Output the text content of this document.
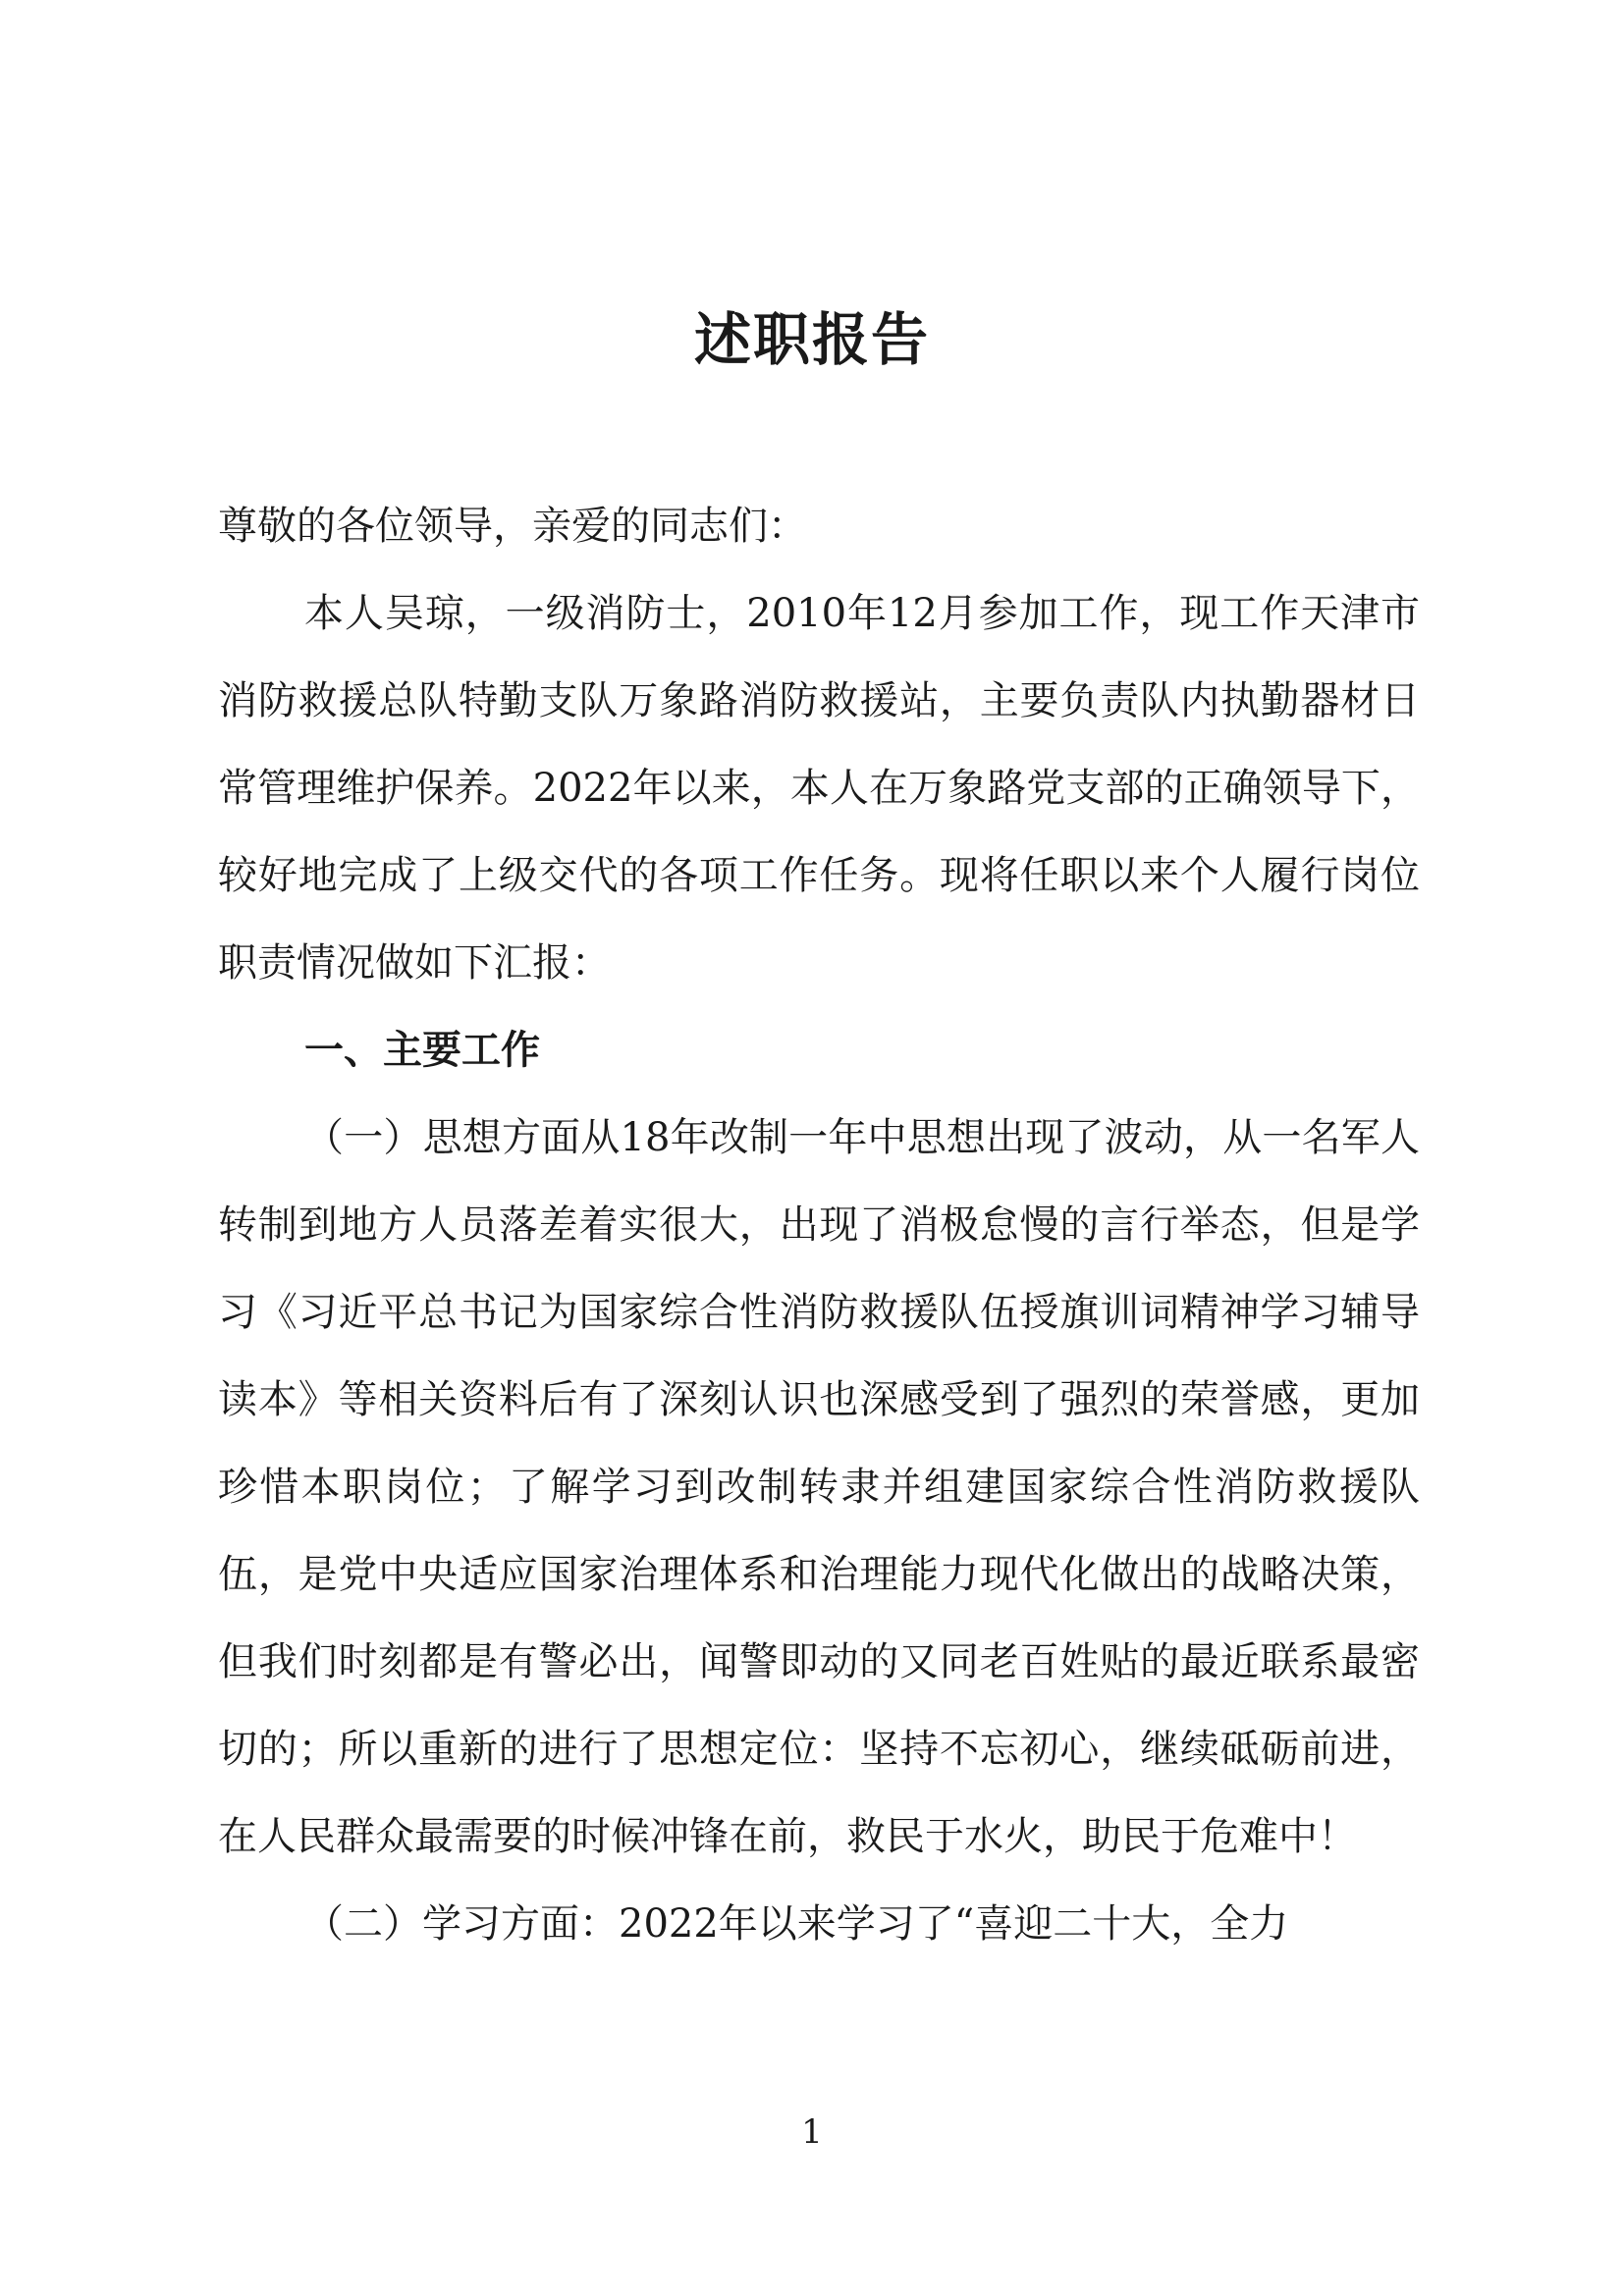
述职报告

尊敬的各位领导，亲爱的同志们：

本人吴琼，一级消防士，2010年12月参加工作，现工作天津市消防救援总队特勤支队万象路消防救援站，主要负责队内执勤器材日常管理维护保养。2022年以来，本人在万象路党支部的正确领导下，较好地完成了上级交代的各项工作任务。现将任职以来个人履行岗位职责情况做如下汇报：

一、主要工作

（一）思想方面从18年改制一年中思想出现了波动，从一名军人转制到地方人员落差着实很大，出现了消极怠慢的言行举态，但是学习《习近平总书记为国家综合性消防救援队伍授旗训词精神学习辅导读本》等相关资料后有了深刻认识也深感受到了强烈的荣誉感，更加珍惜本职岗位；了解学习到改制转隶并组建国家综合性消防救援队伍，是党中央适应国家治理体系和治理能力现代化做出的战略决策，但我们时刻都是有警必出，闻警即动的又同老百姓贴的最近联系最密切的；所以重新的进行了思想定位：坚持不忘初心，继续砥砺前进，在人民群众最需要的时候冲锋在前，救民于水火，助民于危难中！

（二）学习方面：2022年以来学习了“喜迎二十大，全力

1
